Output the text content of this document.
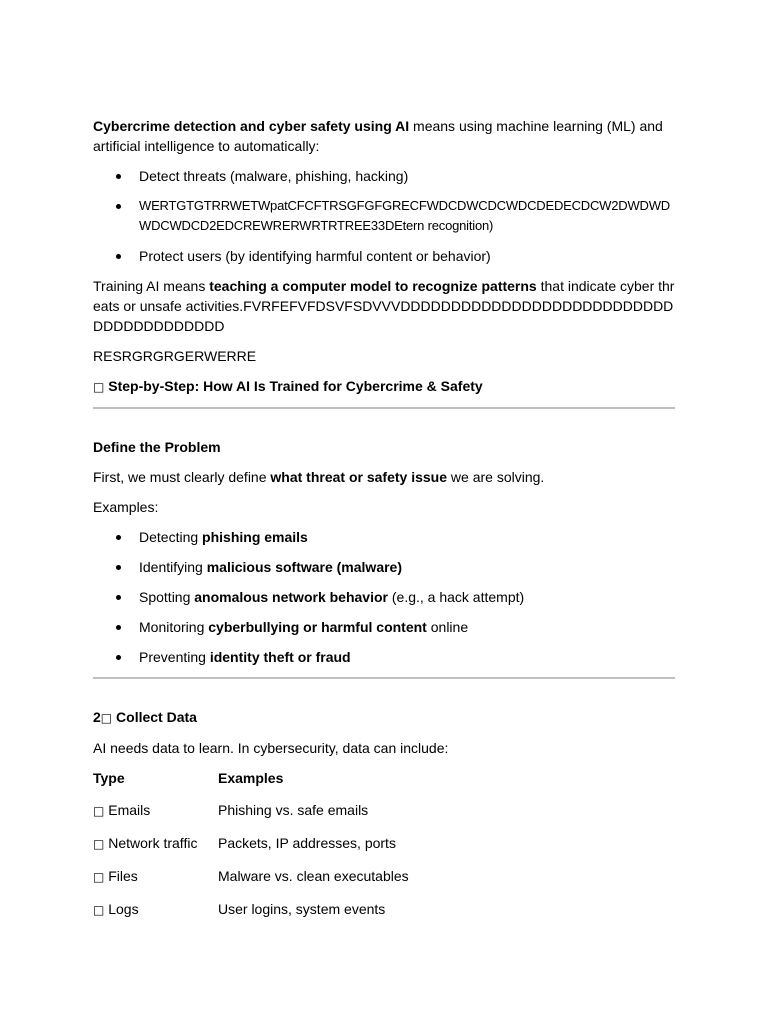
Cybercrime detection and cyber safety using AI means using machine learning (ML) and artificial intelligence to automatically:

Detect threats (malware, phishing, hacking)
WERTGTGTRRWETWpatCFCFTRSGFGFGRECFWDCDWCDCWDCDEDECDCW2DWDWDWDCWDCD2EDCREWRERWRTRTREE33DEtern recognition)
Protect users (by identifying harmful content or behavior)

Training AI means teaching a computer model to recognize patterns that indicate cyber threats or unsafe activities.FVRFEFVFDSVFSDVVVDDDDDDDDDDDDDDDDDDDDDDDDDDDDDDDDDDDDDDDD

RESRGRGRGERWERRE

□ Step-by-Step: How AI Is Trained for Cybercrime & Safety

Define the Problem

First, we must clearly define what threat or safety issue we are solving.

Examples:

Detecting phishing emails
Identifying malicious software (malware)
Spotting anomalous network behavior (e.g., a hack attempt)
Monitoring cyberbullying or harmful content online
Preventing identity theft or fraud

2□ Collect Data

AI needs data to learn. In cybersecurity, data can include:

Type	Examples
□ Emails	Phishing vs. safe emails
□ Network traffic	Packets, IP addresses, ports
□ Files	Malware vs. clean executables
□ Logs	User logins, system events
